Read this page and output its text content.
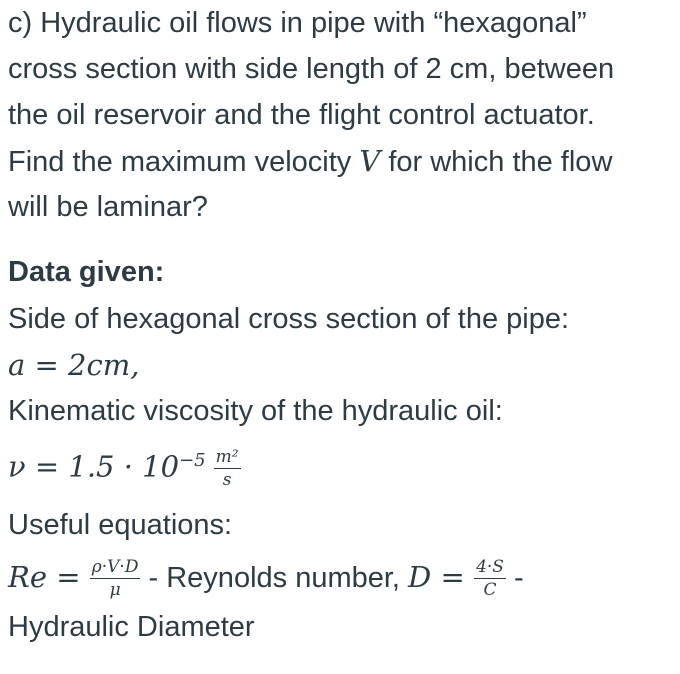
c) Hydraulic oil flows in pipe with “hexagonal”
cross section with side length of 2 cm, between
the oil reservoir and the flight control actuator.
Find the maximum velocity V for which the flow
will be laminar?
Data given:
Side of hexagonal cross section of the pipe:
a = 2cm,
Kinematic viscosity of the hydraulic oil:
$\nu = 1.5 \cdot 10^{-5} \frac{\text{m²}}{s}$
Useful equations:
$Re = \frac{\rho\cdot V\cdot D}{\mu}$ - Reynolds number, $D = \frac{4\cdot S}{C}$ -
Hydraulic Diameter
